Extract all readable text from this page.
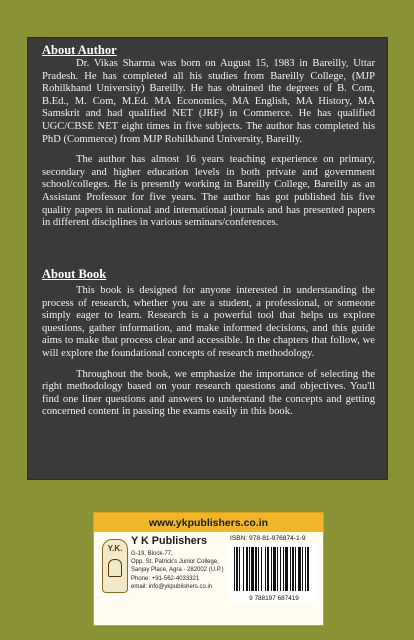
About Author
Dr. Vikas Sharma was born on August 15, 1983 in Bareilly, Uttar Pradesh. He has completed all his studies from Bareilly College, (MJP Rohilkhand University) Bareilly. He has obtained the degrees of B. Com, B.Ed., M. Com, M.Ed. MA Economics, MA English, MA History, MA Samskrit and had qualified NET (JRF) in Commerce. He has qualified UGC/CBSE NET eight times in five subjects. The author has completed his PhD (Commerce) from MJP Rohilkhand University, Bareilly.
The author has almost 16 years teaching experience on primary, secondary and higher education levels in both private and government school/colleges. He is presently working in Bareilly College, Bareilly as an Assistant Professor for five years. The author has got published his five quality papers in national and international journals and has presented papers in different disciplines in various seminars/conferences.
About Book
This book is designed for anyone interested in understanding the process of research, whether you are a student, a professional, or someone simply eager to learn. Research is a powerful tool that helps us explore questions, gather information, and make informed decisions, and this guide aims to make that process clear and accessible. In the chapters that follow, we will explore the foundational concepts of research methodology.
Throughout the book, we emphasize the importance of selecting the right methodology based on your research questions and objectives. You'll find one liner questions and answers to understand the concepts and getting concerned content in passing the exams easily in this book.
www.ykpublishers.co.in
Y.K.
Y K Publishers
G-19, Block-77,
Opp. St. Patrick's Junior College,
Sanjay Place, Agra - 282002 (U.P.)
Phone: +91-562-4033321
email: info@ykpublishers.co.in
ISBN: 978-81-976874-1-9
9 788197 687419
